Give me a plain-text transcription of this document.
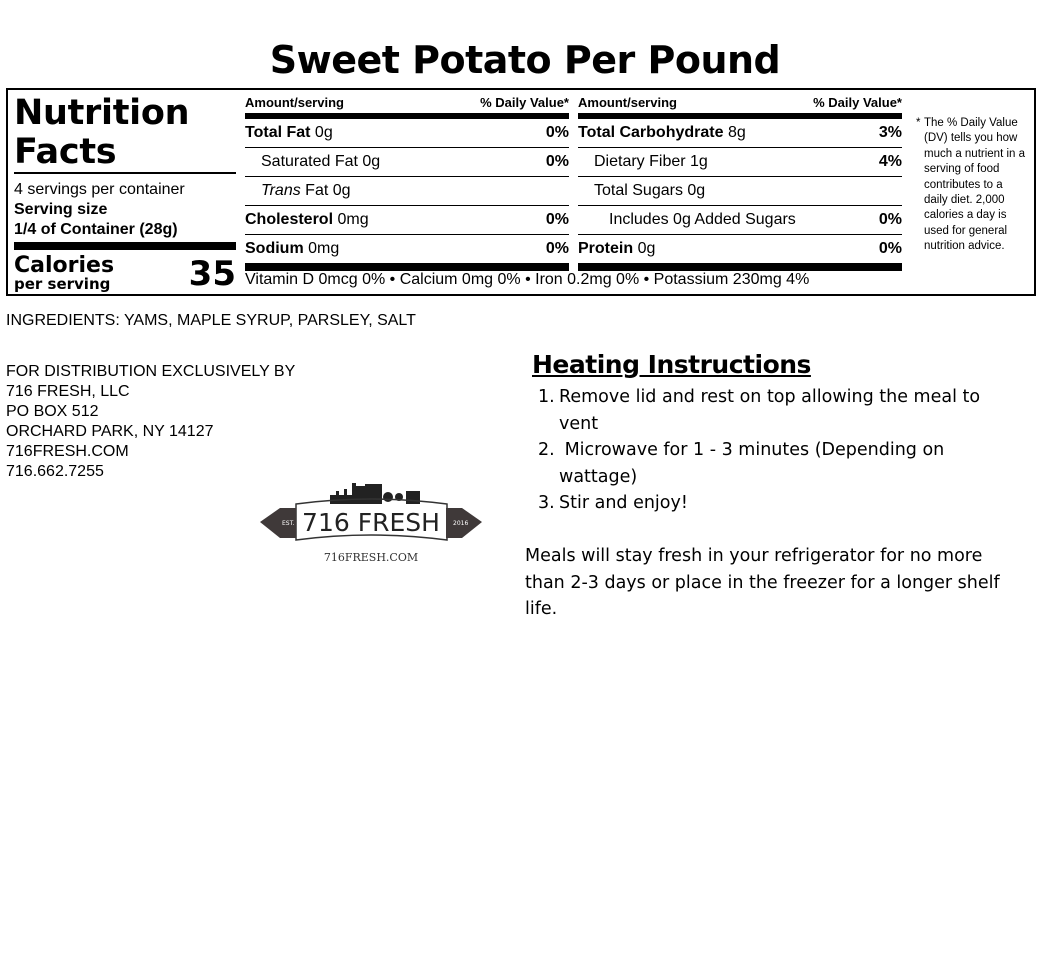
Sweet Potato Per Pound
Nutrition
Facts
4 servings per container
Serving size
1/4 of Container (28g)
Calories
per serving 35
Amount/serving	% Daily Value*
Total Fat 0g	0%
Saturated Fat 0g	0%
Trans Fat 0g
Cholesterol 0mg	0%
Sodium 0mg	0%
Amount/serving	% Daily Value*
Total Carbohydrate 8g	3%
Dietary Fiber 1g	4%
Total Sugars 0g
Includes 0g Added Sugars	0%
Protein 0g	0%
Vitamin D 0mcg 0% • Calcium 0mg 0% • Iron 0.2mg 0% • Potassium 230mg 4%
* The % Daily Value (DV) tells you how much a nutrient in a serving of food contributes to a daily diet. 2,000 calories a day is used for general nutrition advice.
INGREDIENTS: YAMS, MAPLE SYRUP, PARSLEY, SALT
FOR DISTRIBUTION EXCLUSIVELY BY
716 FRESH, LLC
PO BOX 512
ORCHARD PARK, NY 14127
716FRESH.COM
716.662.7255
EST.	2016
716 FRESH
716FRESH.COM
Heating Instructions
1. Remove lid and rest on top allowing the meal to vent
2. Microwave for 1 - 3 minutes (Depending on wattage)
3. Stir and enjoy!
Meals will stay fresh in your refrigerator for no more than 2-3 days or place in the freezer for a longer shelf life.
